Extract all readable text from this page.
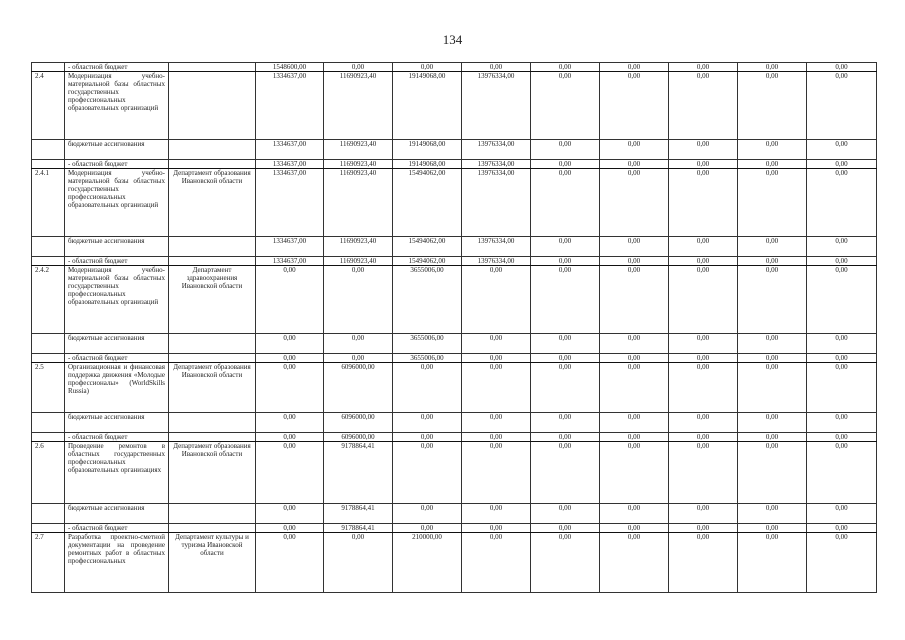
134
	- областной бюджет		1548600,00	0,00	0,00	0,00	0,00	0,00	0,00	0,00	0,00
2.4	Модернизация учебно-материальной базы областных государственных профессиональных образовательных организаций		1334637,00	11690923,40	19149068,00	13976334,00	0,00	0,00	0,00	0,00	0,00
	бюджетные ассигнования		1334637,00	11690923,40	19149068,00	13976334,00	0,00	0,00	0,00	0,00	0,00
	- областной бюджет		1334637,00	11690923,40	19149068,00	13976334,00	0,00	0,00	0,00	0,00	0,00
2.4.1	Модернизация учебно-материальной базы областных государственных профессиональных образовательных организаций	Департамент образования Ивановской области	1334637,00	11690923,40	15494062,00	13976334,00	0,00	0,00	0,00	0,00	0,00
	бюджетные ассигнования		1334637,00	11690923,40	15494062,00	13976334,00	0,00	0,00	0,00	0,00	0,00
	- областной бюджет		1334637,00	11690923,40	15494062,00	13976334,00	0,00	0,00	0,00	0,00	0,00
2.4.2	Модернизация учебно-материальной базы областных государственных профессиональных образовательных организаций	Департамент здравоохранения Ивановской области	0,00	0,00	3655006,00	0,00	0,00	0,00	0,00	0,00	0,00
	бюджетные ассигнования		0,00	0,00	3655006,00	0,00	0,00	0,00	0,00	0,00	0,00
	- областной бюджет		0,00	0,00	3655006,00	0,00	0,00	0,00	0,00	0,00	0,00
2.5	Организационная и финансовая поддержка движения «Молодые профессионалы» (WorldSkills Russia)	Департамент образования Ивановской области	0,00	6096000,00	0,00	0,00	0,00	0,00	0,00	0,00	0,00
	бюджетные ассигнования		0,00	6096000,00	0,00	0,00	0,00	0,00	0,00	0,00	0,00
	- областной бюджет		0,00	6096000,00	0,00	0,00	0,00	0,00	0,00	0,00	0,00
2.6	Проведение ремонтов в областных государственных профессиональных образовательных организациях	Департамент образования Ивановской области	0,00	9178864,41	0,00	0,00	0,00	0,00	0,00	0,00	0,00
	бюджетные ассигнования		0,00	9178864,41	0,00	0,00	0,00	0,00	0,00	0,00	0,00
	- областной бюджет		0,00	9178864,41	0,00	0,00	0,00	0,00	0,00	0,00	0,00
2.7	Разработка проектно-сметной документации на проведение ремонтных работ в областных профессиональных	Департамент культуры и туризма Ивановской области	0,00	0,00	210000,00	0,00	0,00	0,00	0,00	0,00	0,00
